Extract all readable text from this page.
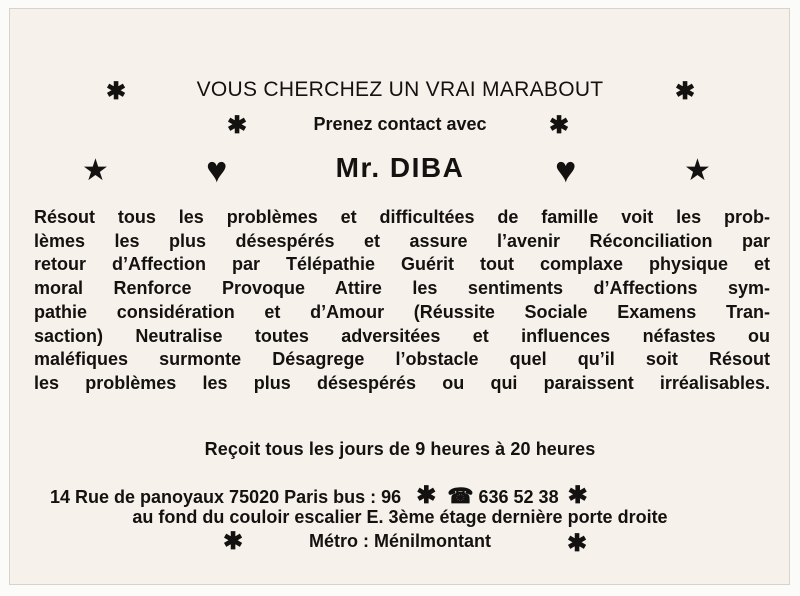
✱	VOUS CHERCHEZ UN VRAI MARABOUT	✱
✱	Prenez contact avec	✱
★	♥	Mr. DIBA	♥	★
Résout tous les problèmes et difficultées de famille voit les prob-
lèmes les plus désespérés et assure l’avenir Réconciliation par
retour d’Affection par Télépathie Guérit tout complaxe physique et
moral Renforce Provoque Attire les sentiments d’Affections sym-
pathie considération et d’Amour (Réussite Sociale Examens Tran-
saction) Neutralise toutes adversitées et influences néfastes ou
maléfiques surmonte Désagrege l’obstacle quel qu’il soit Résout
les problèmes les plus désespérés ou qui paraissent irréalisables.
Reçoit tous les jours de 9 heures à 20 heures
14 Rue de panoyaux 75020 Paris bus : 96 ✱ ☎ 636 52 38 ✱
au fond du couloir escalier E. 3ème étage dernière porte droite
✱	Métro : Ménilmontant	✱
